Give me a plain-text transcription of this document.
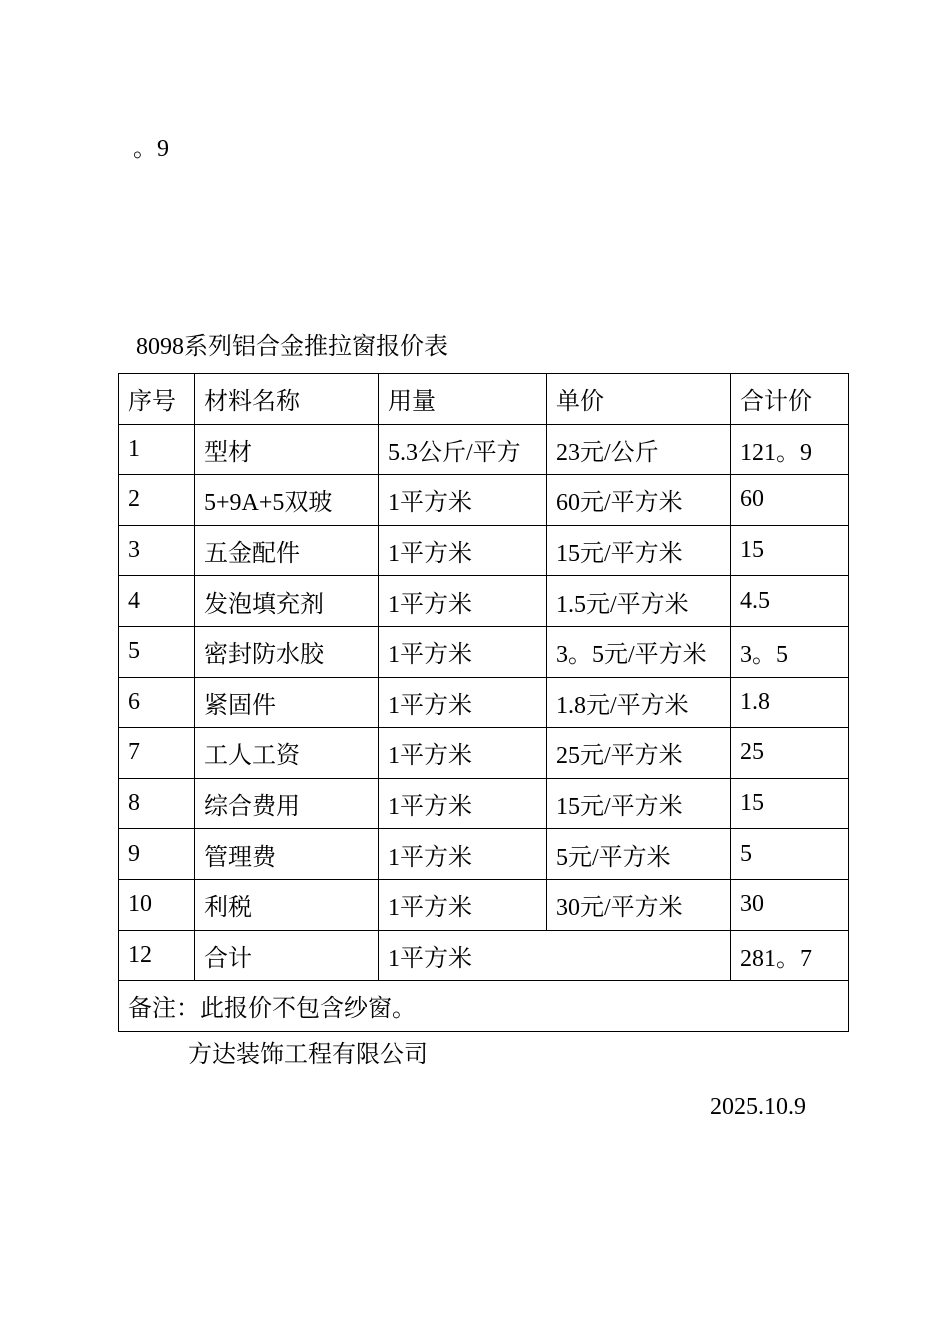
。9
8098系列铝合金推拉窗报价表
序号	材料名称	用量	单价	合计价
1	型材	5.3公斤/平方	23元/公斤	121。9
2	5+9A+5双玻	1平方米	60元/平方米	60
3	五金配件	1平方米	15元/平方米	15
4	发泡填充剂	1平方米	1.5元/平方米	4.5
5	密封防水胶	1平方米	3。5元/平方米	3。5
6	紧固件	1平方米	1.8元/平方米	1.8
7	工人工资	1平方米	25元/平方米	25
8	综合费用	1平方米	15元/平方米	15
9	管理费	1平方米	5元/平方米	5
10	利税	1平方米	30元/平方米	30
12	合计	1平方米		281。7
备注：此报价不包含纱窗。				
方达装饰工程有限公司
2025.10.9
